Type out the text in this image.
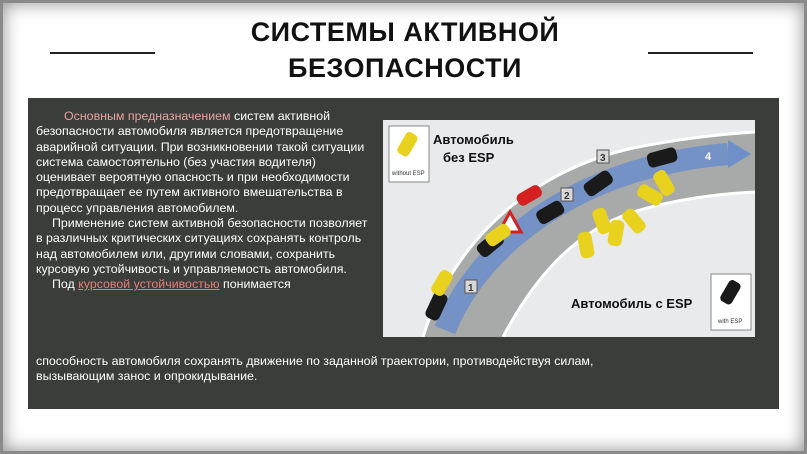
СИСТЕМЫ АКТИВНОЙ
БЕЗОПАСНОСТИ

Основным предназначением систем активной безопасности автомобиля является предотвращение аварийной ситуации. При возникновении такой ситуации система самостоятельно (без участия водителя) оценивает вероятную опасность и при необходимости предотвращает ее путем активного вмешательства в процесс управления автомобилем.

Применение систем активной безопасности позволяет в различных критических ситуациях сохранять контроль над автомобилем или, другими словами, сохранить курсовую устойчивость и управляемость автомобиля.

Под курсовой устойчивостью понимается

способность автомобиля сохранять движение по заданной траектории, противодействуя силам,
вызывающим занос и опрокидывание.
1
2
3	4
without ESP
Автомобиль
без ESP
Автомобиль с ESP
with ESP
